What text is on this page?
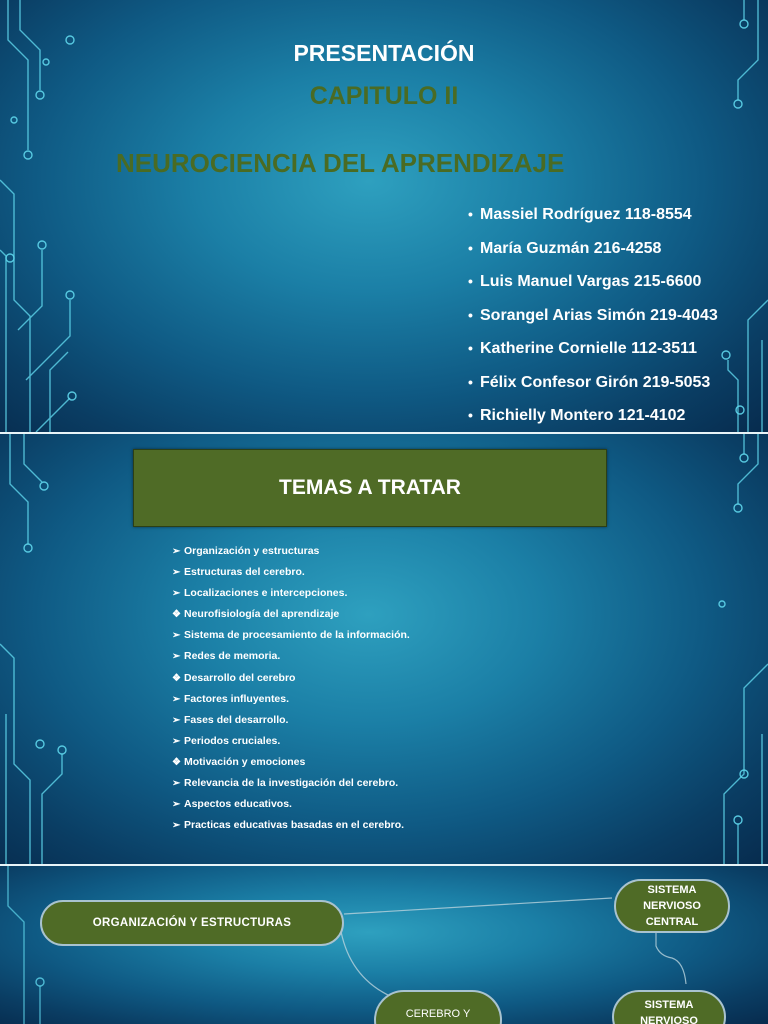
PRESENTACIÓN
CAPITULO II
NEUROCIENCIA DEL APRENDIZAJE
• Massiel Rodríguez 118-8554
• María Guzmán 216-4258
• Luis Manuel Vargas 215-6600
• Sorangel Arias Simón 219-4043
• Katherine Cornielle 112-3511
• Félix Confesor Girón 219-5053
• Richielly Montero 121-4102
TEMAS A TRATAR
➢ Organización y estructuras
➢ Estructuras del cerebro.
➢ Localizaciones e intercepciones.
❖ Neurofisiología del aprendizaje
➢ Sistema de procesamiento de la información.
➢ Redes de memoria.
❖ Desarrollo del cerebro
➢ Factores influyentes.
➢ Fases del desarrollo.
➢ Periodos cruciales.
❖ Motivación y emociones
➢ Relevancia de la investigación del cerebro.
➢ Aspectos educativos.
➢ Practicas educativas basadas en el cerebro.
ORGANIZACIÓN Y ESTRUCTURAS
SISTEMA
NERVIOSO
CENTRAL
SISTEMA
NERVIOSO
CEREBRO Y
